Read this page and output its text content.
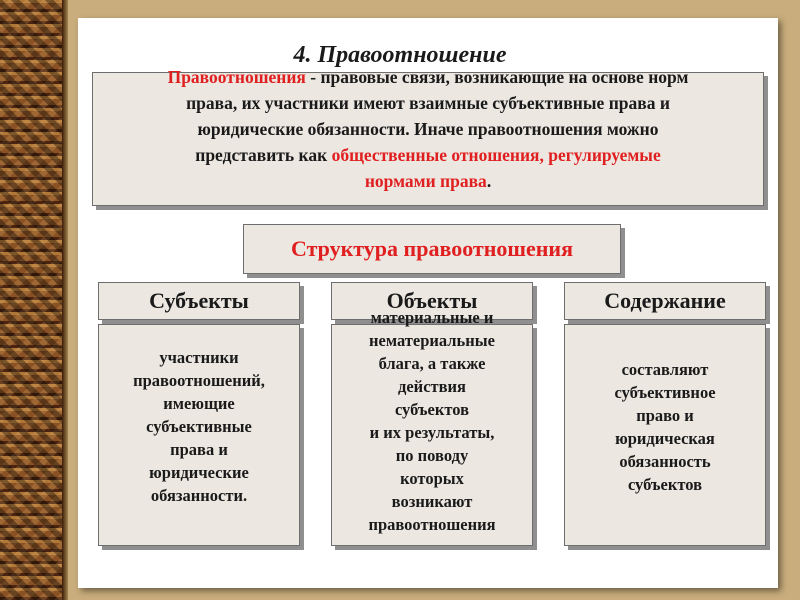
4. Правоотношение
Правоотношения - правовые связи, возникающие на основе норм
права, их участники имеют взаимные субъективные права и
юридические обязанности. Иначе правоотношения можно
представить как общественные отношения, регулируемые
нормами права.
Структура правоотношения
Субъекты
участники
правоотношений,
имеющие
субъективные
права и
юридические
обязанности.
Объекты
материальные и
нематериальные
блага, а также
действия
субъектов
и их результаты,
по поводу
которых
возникают
правоотношения
Содержание
составляют
субъективное
право и
юридическая
обязанность
субъектов
